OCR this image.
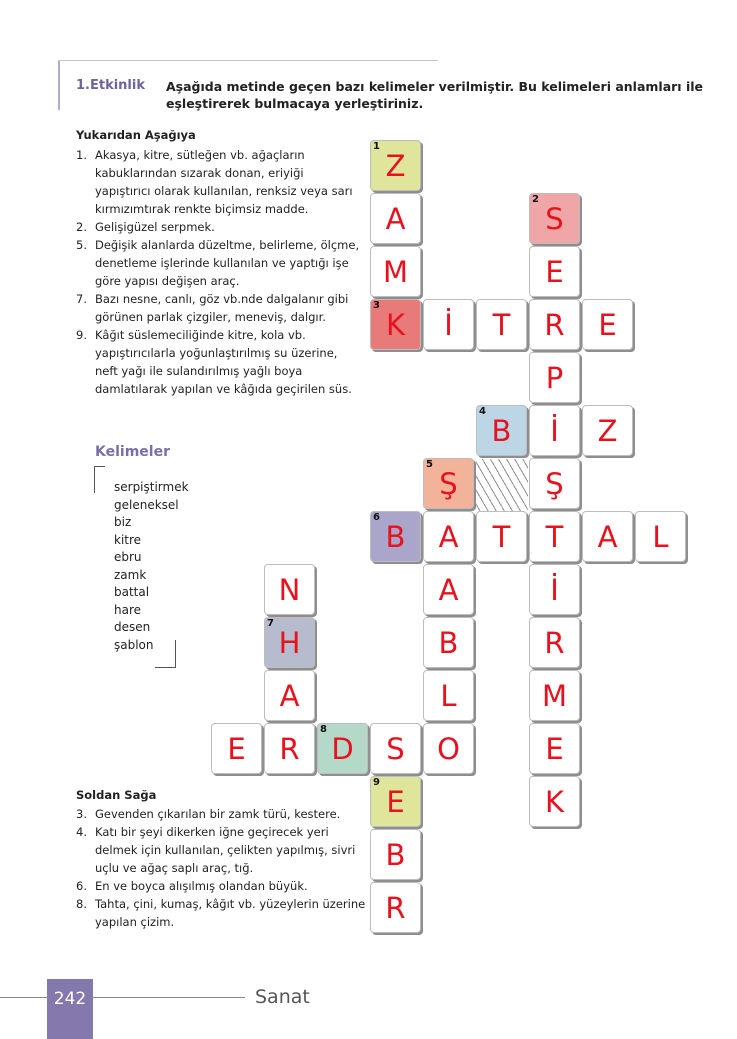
1.Etkinlik Aşağıda metinde geçen bazı kelimeler verilmiştir. Bu kelimeleri anlamları ile eşleştirerek bulmacaya yerleştiriniz.
Yukarıdan Aşağıya
1. Akasya, kitre, sütleğen vb. ağaçların kabuklarından sızarak donan, eriyiği yapıştırıcı olarak kullanılan, renksiz veya sarı kırmızımtırak renkte biçimsiz madde.
2. Gelişigüzel serpmek.
5. Değişik alanlarda düzeltme, belirleme, ölçme, denetleme işlerinde kullanılan ve yaptığı işe göre yapısı değişen araç.
7. Bazı nesne, canlı, göz vb.nde dalgalanır gibi görünen parlak çizgiler, meneviş, dalgır.
9. Kâğıt süslemeciliğinde kitre, kola vb. yapıştırıcılarla yoğunlaştırılmış su üzerine, neft yağı ile sulandırılmış yağlı boya damlatılarak yapılan ve kâğıda geçirilen süs.
Kelimeler
serpiştirmek
geleneksel
biz
kitre
ebru
zamk
battal
hare
desen
şablon
Soldan Sağa
3. Gevenden çıkarılan bir zamk türü, kestere.
4. Katı bir şeyi dikerken iğne geçirecek yeri delmek için kullanılan, çelikten yapılmış, sivri uçlu ve ağaç saplı araç, tığ.
6. En ve boyca alışılmış olandan büyük.
8. Tahta, çini, kumaş, kâğıt vb. yüzeylerin üzerine yapılan çizim.
1
Z
A
M
3
K	İ	T	R	E
2
S
E
P
İ
Ş
T
İ
R
M
E
K
4
B	Z
5
Ş
6
B	A	T	A	L
A
B
L
O
N
7
H
A
R
E
8
D	S
9
E
B
R
242	Sanat
